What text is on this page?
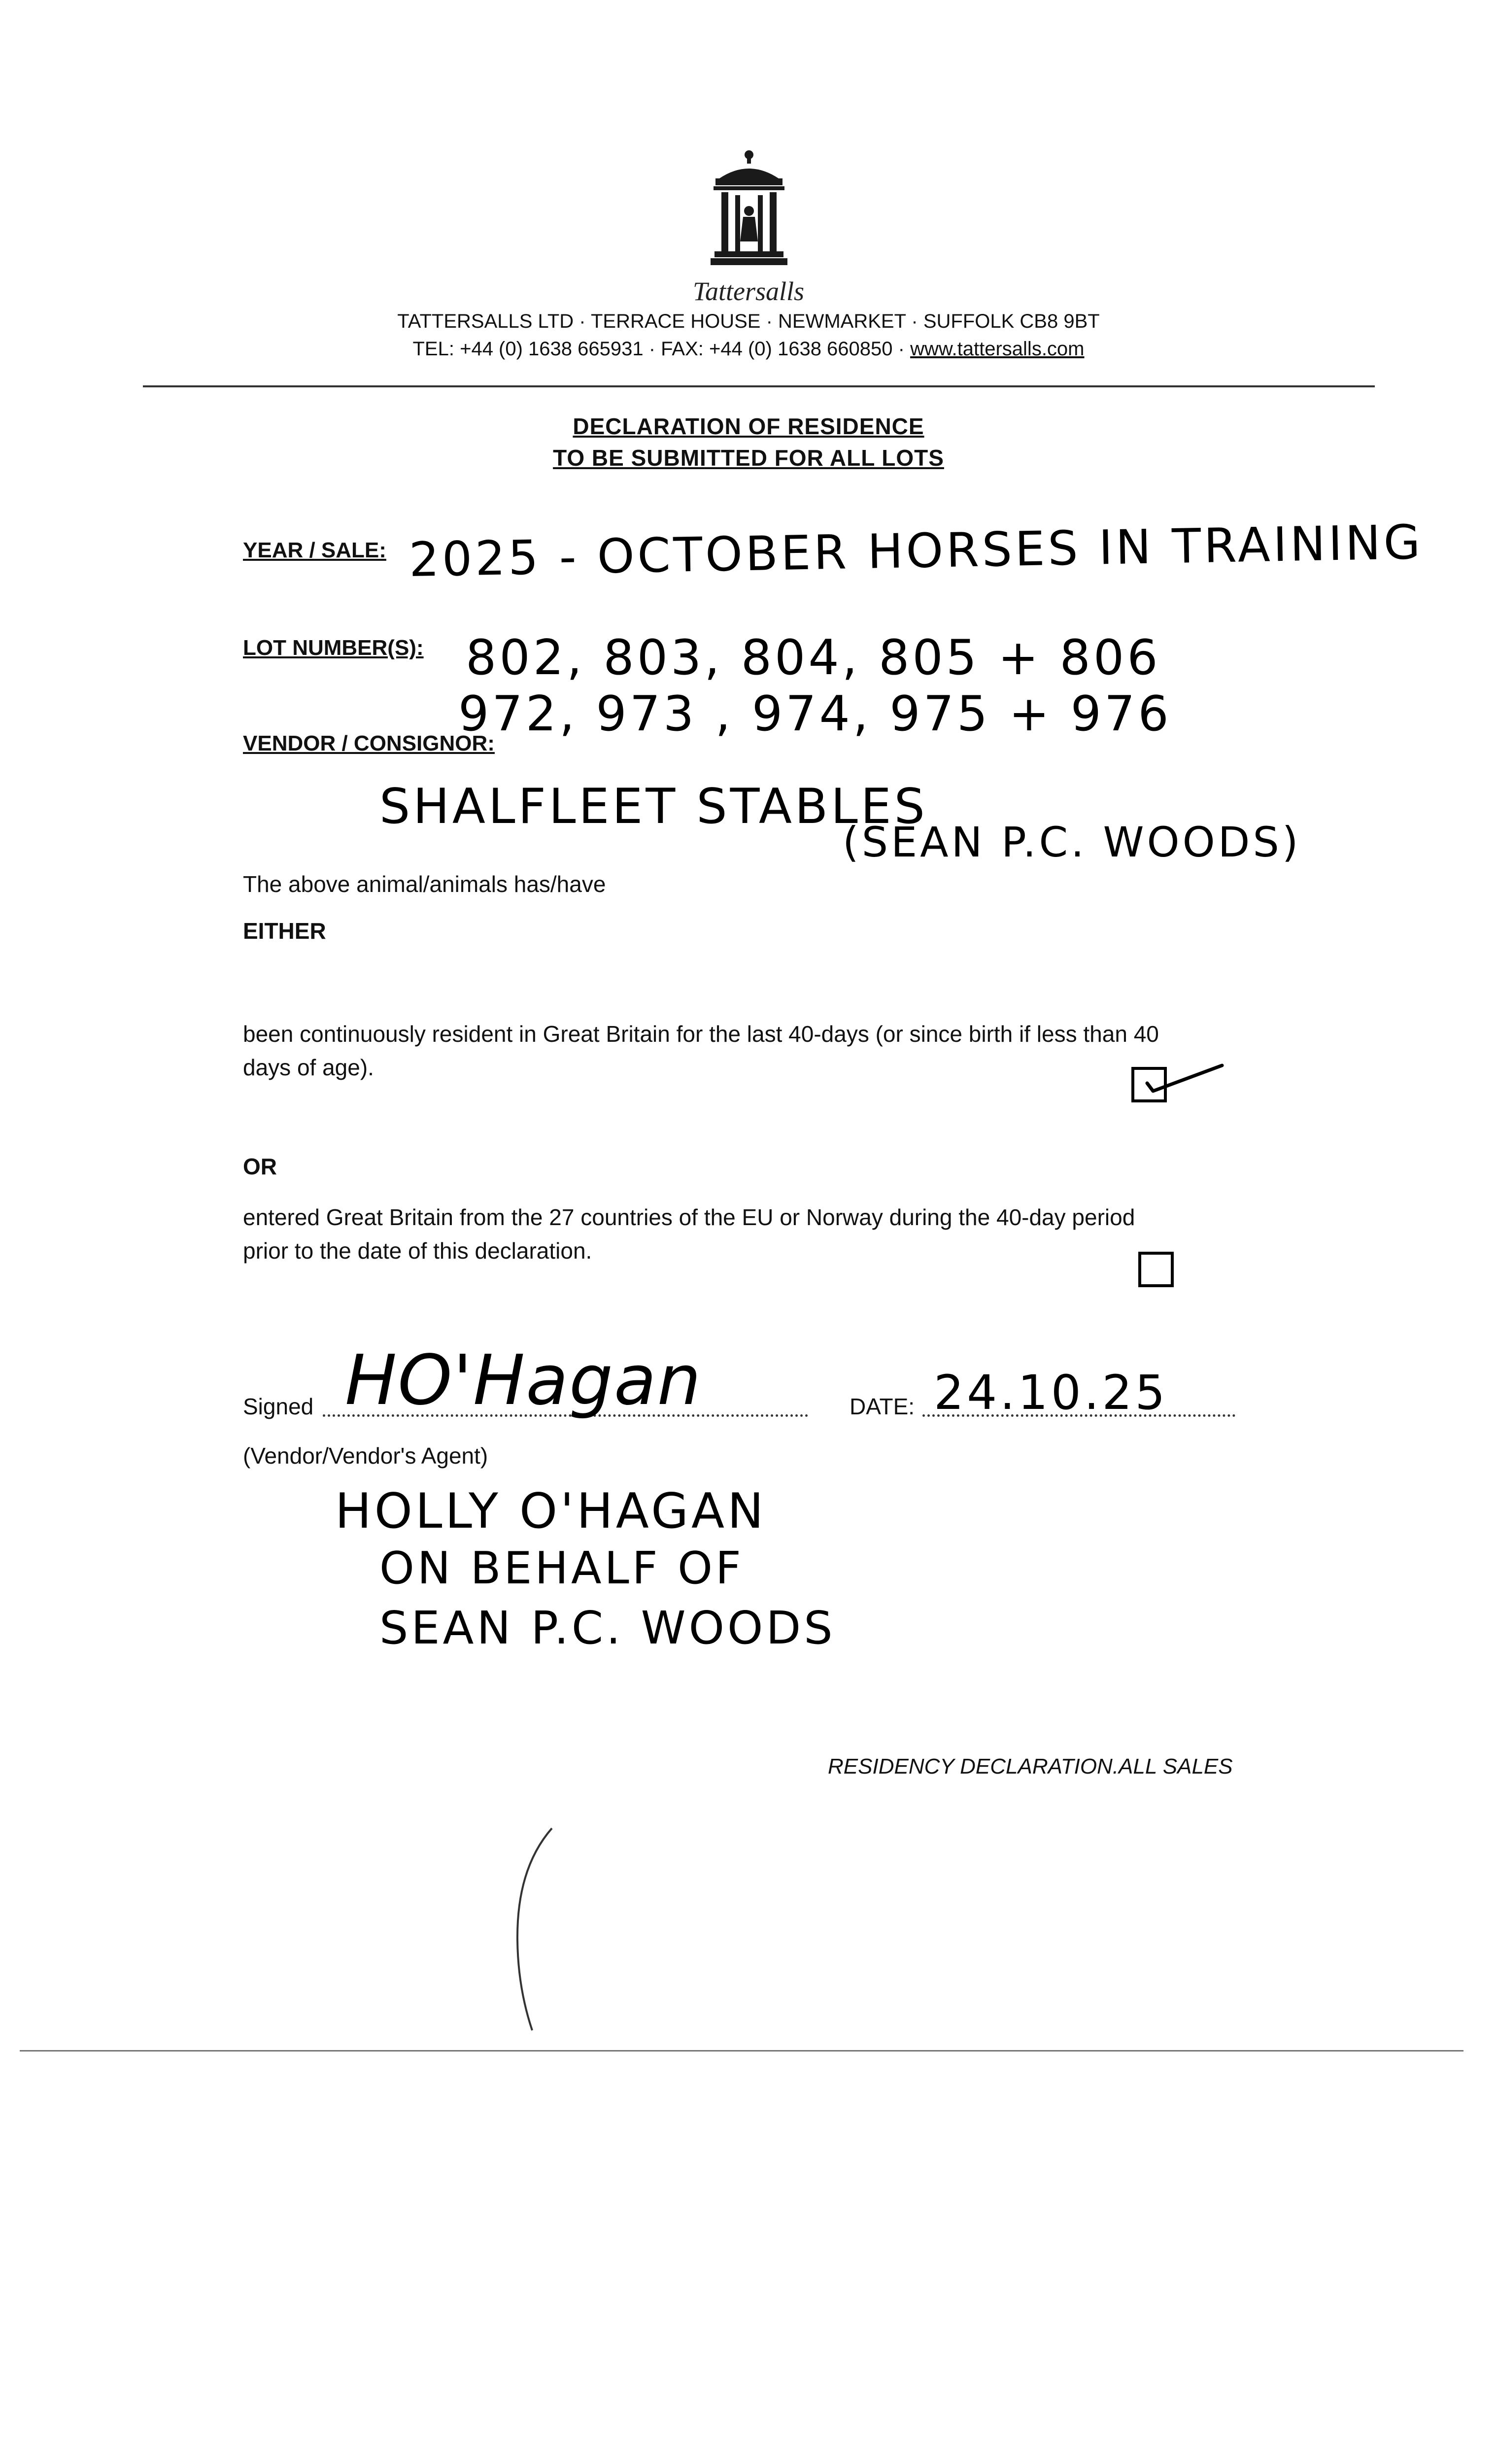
Tattersalls
TATTERSALLS LTD · TERRACE HOUSE · NEWMARKET · SUFFOLK CB8 9BT
TEL: +44 (0) 1638 665931 · FAX: +44 (0) 1638 660850 · www.tattersalls.com
DECLARATION OF RESIDENCE
TO BE SUBMITTED FOR ALL LOTS
YEAR / SALE: 2025 - OCTOBER HORSES IN TRAINING
LOT NUMBER(S): 802, 803, 804, 805 + 806
972, 973 , 974, 975 + 976
VENDOR / CONSIGNOR:
SHALFLEET STABLES
(SEAN P.C. WOODS)
The above animal/animals has/have
EITHER
been continuously resident in Great Britain for the last 40-days (or since birth if less than 40
days of age).
OR
entered Great Britain from the 27 countries of the EU or Norway during the 40-day period
prior to the date of this declaration.
Signed HO'Hagan	DATE: 24.10.25
(Vendor/Vendor's Agent)
HOLLY O'HAGAN
ON BEHALF OF
SEAN P.C. WOODS
RESIDENCY DECLARATION.ALL SALES
